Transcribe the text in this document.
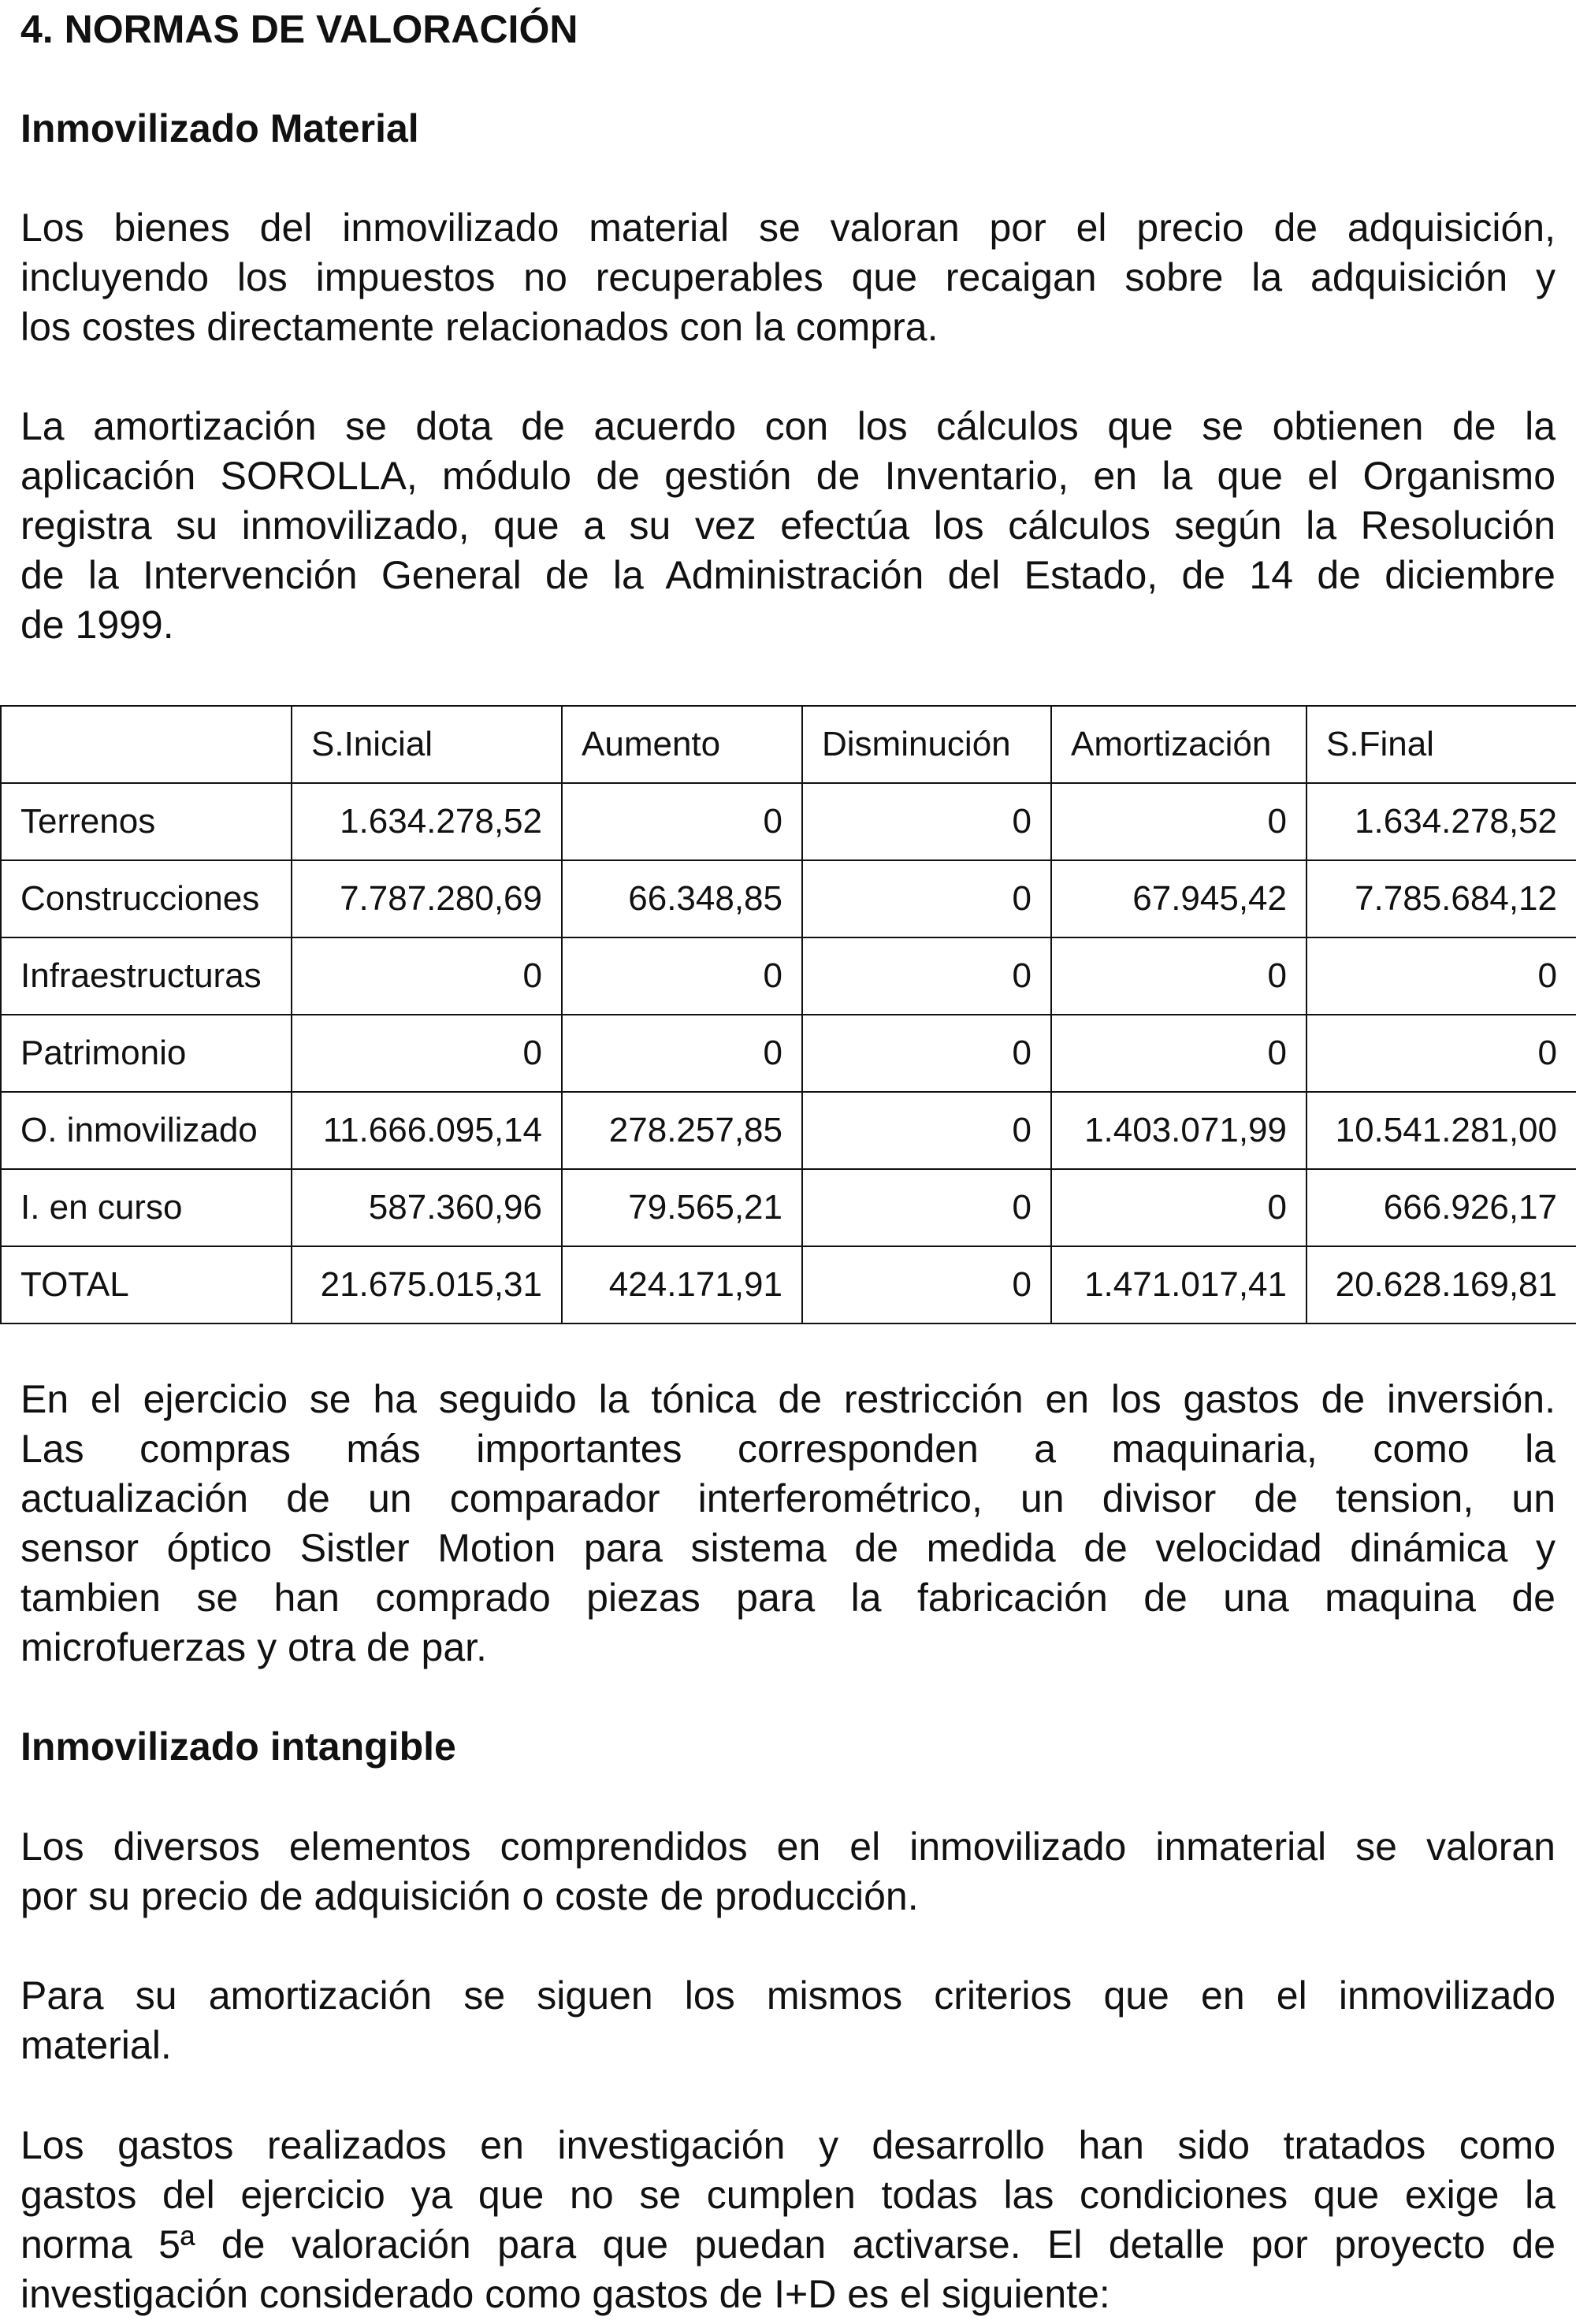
4. NORMAS DE VALORACIÓN
Inmovilizado Material

Los bienes del inmovilizado material se valoran por el precio de adquisición,
incluyendo los impuestos no recuperables que recaigan sobre la adquisición y
los costes directamente relacionados con la compra.

La amortización se dota de acuerdo con los cálculos que se obtienen de la
aplicación SOROLLA, módulo de gestión de Inventario, en la que el Organismo
registra su inmovilizado, que a su vez efectúa los cálculos según la Resolución
de la Intervención General de la Administración del Estado, de 14 de diciembre
de 1999.

	S.Inicial	Aumento	Disminución	Amortización	S.Final
Terrenos	1.634.278,52	0	0	0	1.634.278,52
Construcciones	7.787.280,69	66.348,85	0	67.945,42	7.785.684,12
Infraestructuras	0	0	0	0	0
Patrimonio	0	0	0	0	0
O. inmovilizado	11.666.095,14	278.257,85	0	1.403.071,99	10.541.281,00
I. en curso	587.360,96	79.565,21	0	0	666.926,17
TOTAL	21.675.015,31	424.171,91	0	1.471.017,41	20.628.169,81

En el ejercicio se ha seguido la tónica de restricción en los gastos de inversión.
Las compras más importantes corresponden a maquinaria, como la
actualización de un comparador interferométrico, un divisor de tension, un
sensor óptico Sistler Motion para sistema de medida de velocidad dinámica y
tambien se han comprado piezas para la fabricación de una maquina de
microfuerzas y otra de par.

Inmovilizado intangible

Los diversos elementos comprendidos en el inmovilizado inmaterial se valoran
por su precio de adquisición o coste de producción.

Para su amortización se siguen los mismos criterios que en el inmovilizado
material.

Los gastos realizados en investigación y desarrollo han sido tratados como
gastos del ejercicio ya que no se cumplen todas las condiciones que exige la
norma 5ª de valoración para que puedan activarse. El detalle por proyecto de
investigación considerado como gastos de I+D es el siguiente:
